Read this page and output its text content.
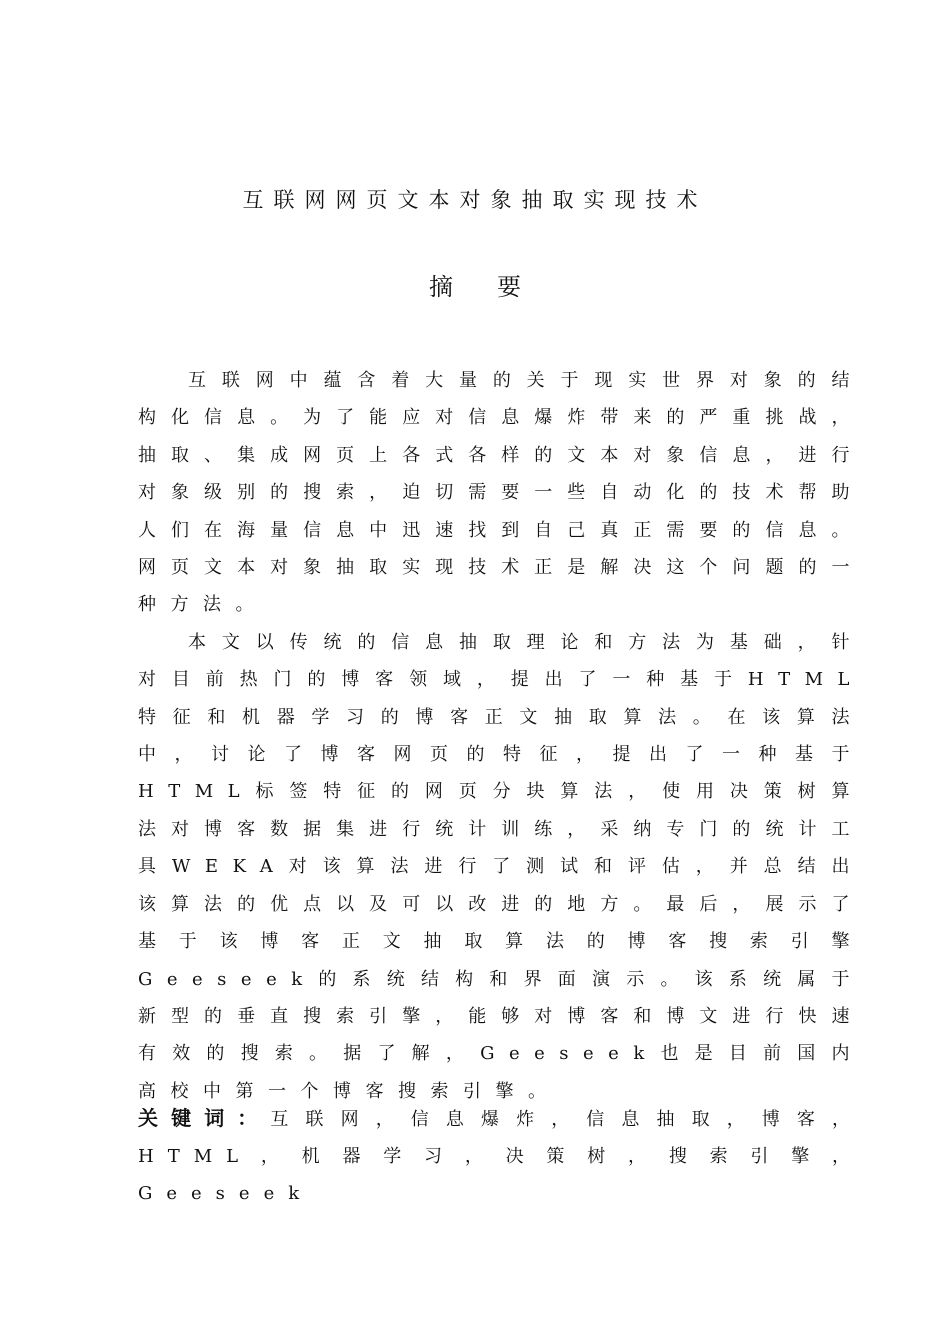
互联网网页文本对象抽取实现技术
摘要

互联网中蕴含着大量的关于现实世界对象的结构化信息。为了能应对信息爆炸带来的严重挑战，抽取、集成网页上各式各样的文本对象信息，进行对象级别的搜索，迫切需要一些自动化的技术帮助人们在海量信息中迅速找到自己真正需要的信息。 网页文本对象抽取实现技术正是解决这个问题的一种方法。

本文以传统的信息抽取理论和方法为基础，针对目前热门的博客领域，提出了一种基于HTML特征和机器学习的博客正文抽取算法。在该算法中，讨论了博客网页的特征，提出了一种基于HTML标签特征的网页分块算法，使用决策树算法对博客数据集进行统计训练，采纳专门的统计工具WEKA对该算法进行了测试和评估，并总结出该算法的优点以及可以改进的地方。最后，展示了基于该博客正文抽取算法的博客搜索引擎Geeseek的系统结构和界面演示。该系统属于新型的垂直搜索引擎，能够对博客和博文进行快速有效的搜索。据了解，Geeseek也是目前国内高校中第一个博客搜索引擎。

关键词：互联网，信息爆炸，信息抽取，博客，HTML，机器学习，决策树，搜索引擎，Geeseek
